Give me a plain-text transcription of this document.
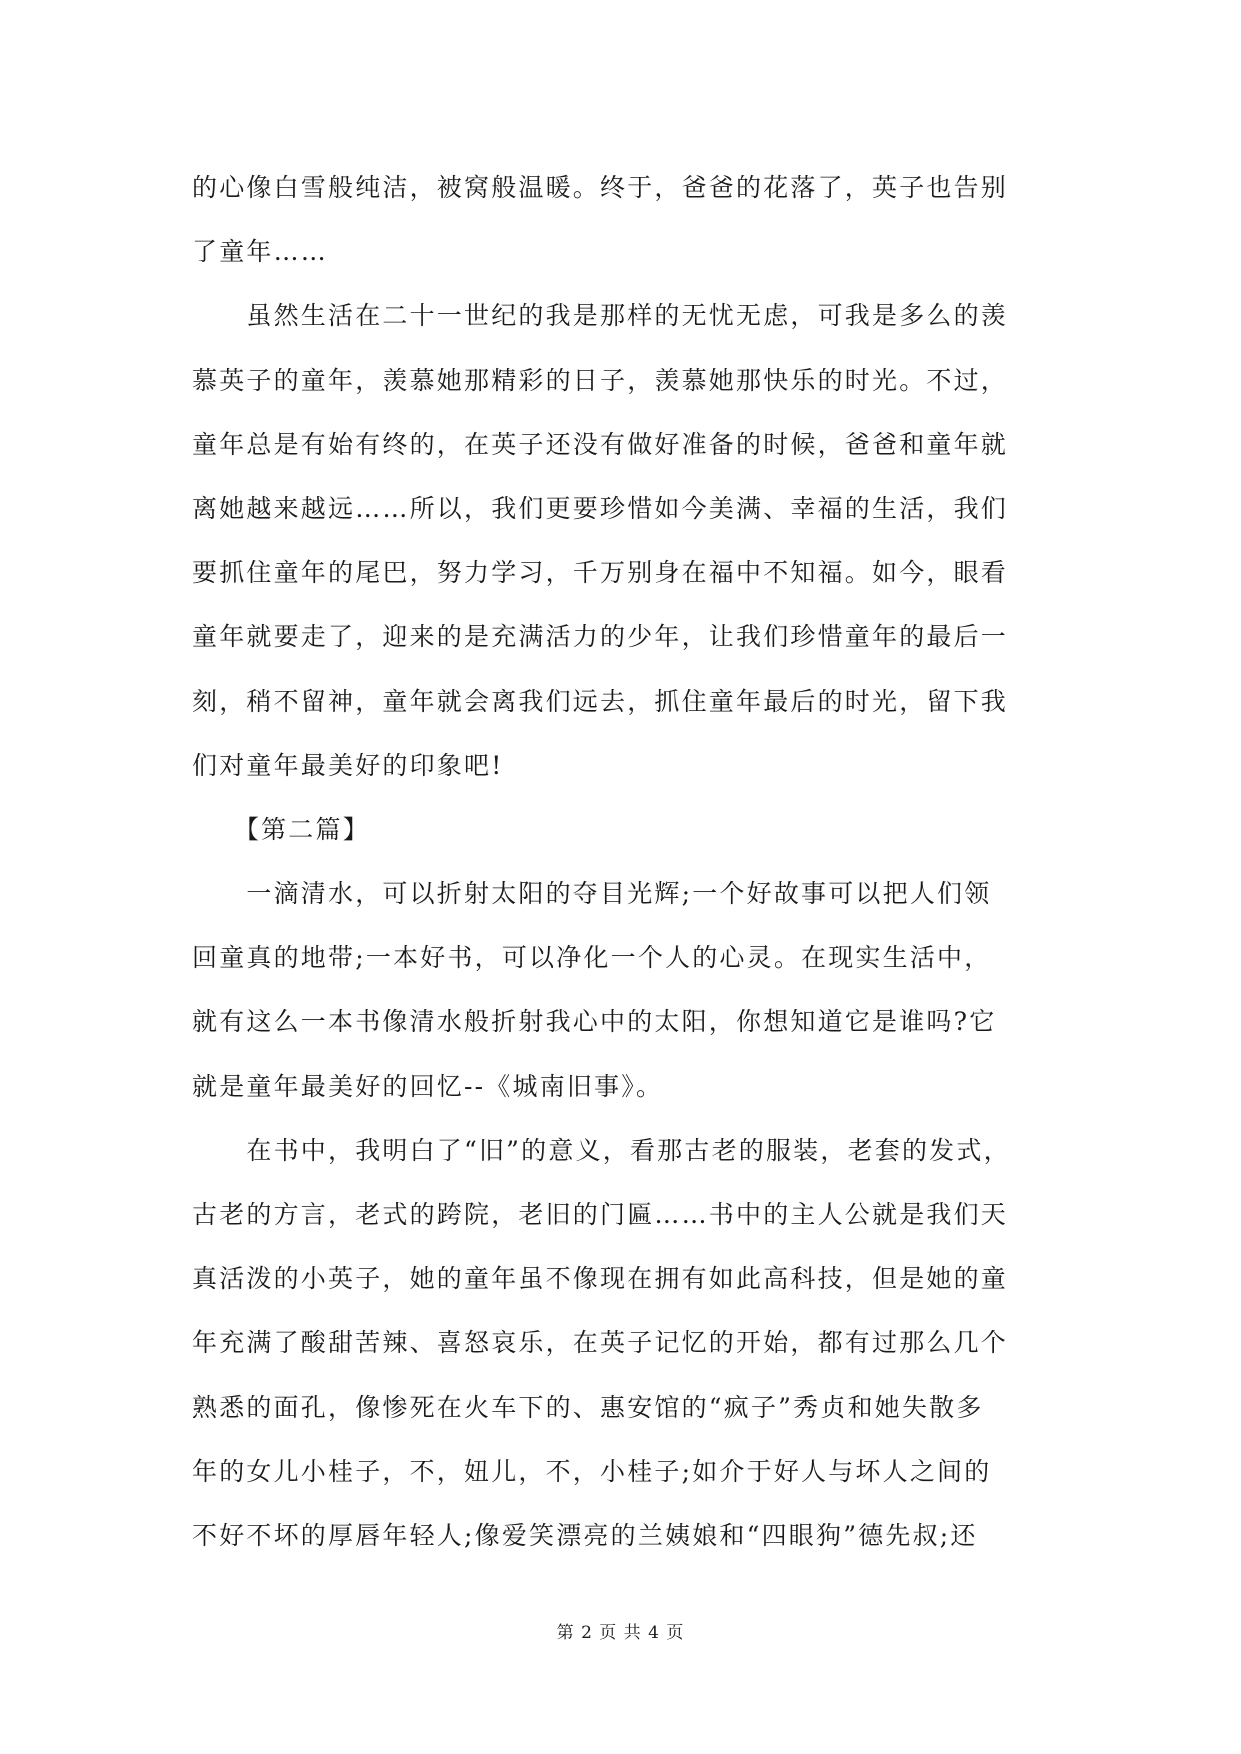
的心像白雪般纯洁，被窝般温暖。终于，爸爸的花落了，英子也告别
了童年……
　　虽然生活在二十一世纪的我是那样的无忧无虑，可我是多么的羡
慕英子的童年，羡慕她那精彩的日子，羡慕她那快乐的时光。不过，
童年总是有始有终的，在英子还没有做好准备的时候，爸爸和童年就
离她越来越远……所以，我们更要珍惜如今美满、幸福的生活，我们
要抓住童年的尾巴，努力学习，千万别身在福中不知福。如今，眼看
童年就要走了，迎来的是充满活力的少年，让我们珍惜童年的最后一
刻，稍不留神，童年就会离我们远去，抓住童年最后的时光，留下我
们对童年最美好的印象吧!
　　【第二篇】
　　一滴清水，可以折射太阳的夺目光辉;一个好故事可以把人们领
回童真的地带;一本好书，可以净化一个人的心灵。在现实生活中，
就有这么一本书像清水般折射我心中的太阳，你想知道它是谁吗?它
就是童年最美好的回忆--《城南旧事》。
　　在书中，我明白了“旧”的意义，看那古老的服装，老套的发式，
古老的方言，老式的跨院，老旧的门匾……书中的主人公就是我们天
真活泼的小英子，她的童年虽不像现在拥有如此高科技，但是她的童
年充满了酸甜苦辣、喜怒哀乐，在英子记忆的开始，都有过那么几个
熟悉的面孔，像惨死在火车下的、惠安馆的“疯子”秀贞和她失散多
年的女儿小桂子，不，妞儿，不，小桂子;如介于好人与坏人之间的
不好不坏的厚唇年轻人;像爱笑漂亮的兰姨娘和“四眼狗”德先叔;还
第 2 页 共 4 页
